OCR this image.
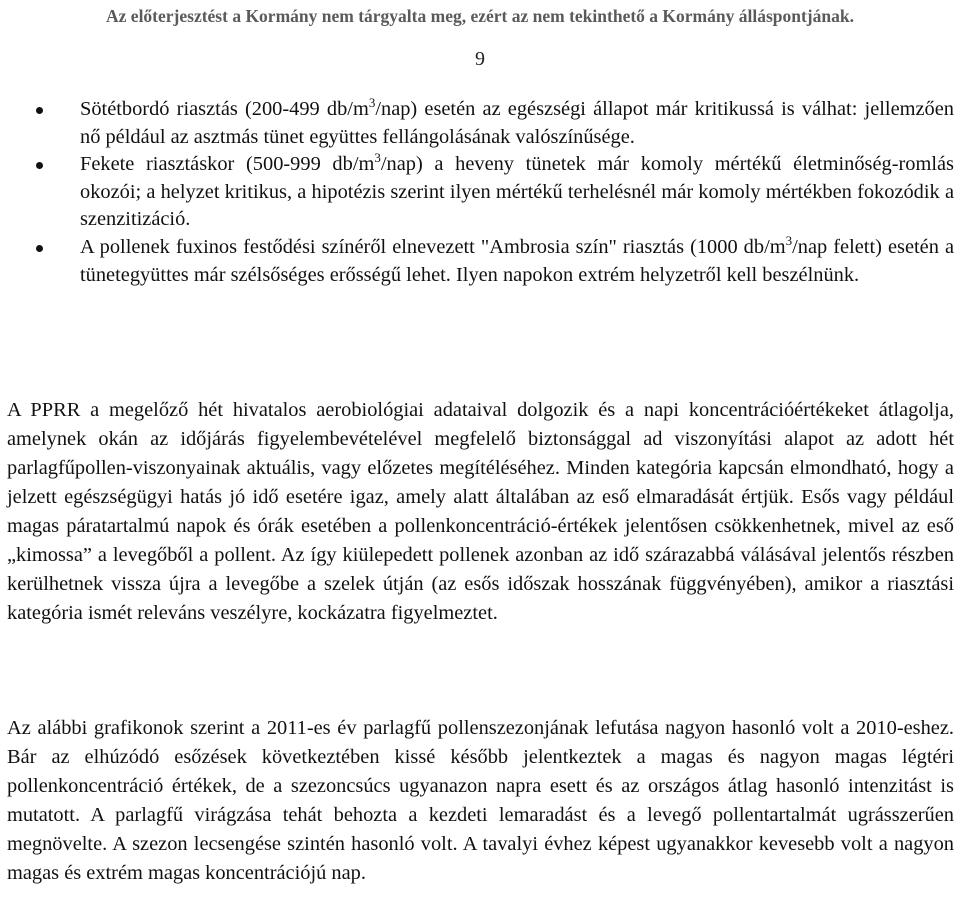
Az előterjesztést a Kormány nem tárgyalta meg, ezért az nem tekinthető a Kormány álláspontjának.
9
Sötétbordó riasztás (200-499 $db/m^3/nap$) esetén az egészségi állapot már kritikussá is válhat: jellemzően nő például az asztmás tünet együttes fellángolásának valószínűsége.
Fekete riasztáskor (500-999 $db/m^3/nap$) a heveny tünetek már komoly mértékű életminőség-romlás okozói; a helyzet kritikus, a hipotézis szerint ilyen mértékű terhelésnél már komoly mértékben fokozódik a szenzitizáció.
A pollenek fuxinos festődési színéről elnevezett "Ambrosia szín" riasztás (1000 $db/m^3$/nap felett) esetén a tünetegyüttes már szélsőséges erősségű lehet. Ilyen napokon extrém helyzetről kell beszélnünk.

A PPRR a megelőző hét hivatalos aerobiológiai adataival dolgozik és a napi koncentrációértékeket átlagolja, amelynek okán az időjárás figyelembevételével megfelelő biztonsággal ad viszonyítási alapot az adott hét parlagfűpollen-viszonyainak aktuális, vagy előzetes megítéléséhez. Minden kategória kapcsán elmondható, hogy a jelzett egészségügyi hatás jó idő esetére igaz, amely alatt általában az eső elmaradását értjük. Esős vagy például magas páratartalmú napok és órák esetében a pollenkoncentráció-értékek jelentősen csökkenhetnek, mivel az eső „kimossa” a levegőből a pollent. Az így kiülepedett pollenek azonban az idő szárazabbá válásával jelentős részben kerülhetnek vissza újra a levegőbe a szelek útján (az esős időszak hosszának függvényében), amikor a riasztási kategória ismét releváns veszélyre, kockázatra figyelmeztet.

Az alábbi grafikonok szerint a 2011-es év parlagfű pollenszezonjának lefutása nagyon hasonló volt a 2010-eshez. Bár az elhúzódó esőzések következtében kissé később jelentkeztek a magas és nagyon magas légtéri pollenkoncentráció értékek, de a szezoncsúcs ugyanazon napra esett és az országos átlag hasonló intenzitást is mutatott. A parlagfű virágzása tehát behozta a kezdeti lemaradást és a levegő pollentartalmát ugrásszerűen megnövelte. A szezon lecsengése szintén hasonló volt. A tavalyi évhez képest ugyanakkor kevesebb volt a nagyon magas és extrém magas koncentrációjú nap.
